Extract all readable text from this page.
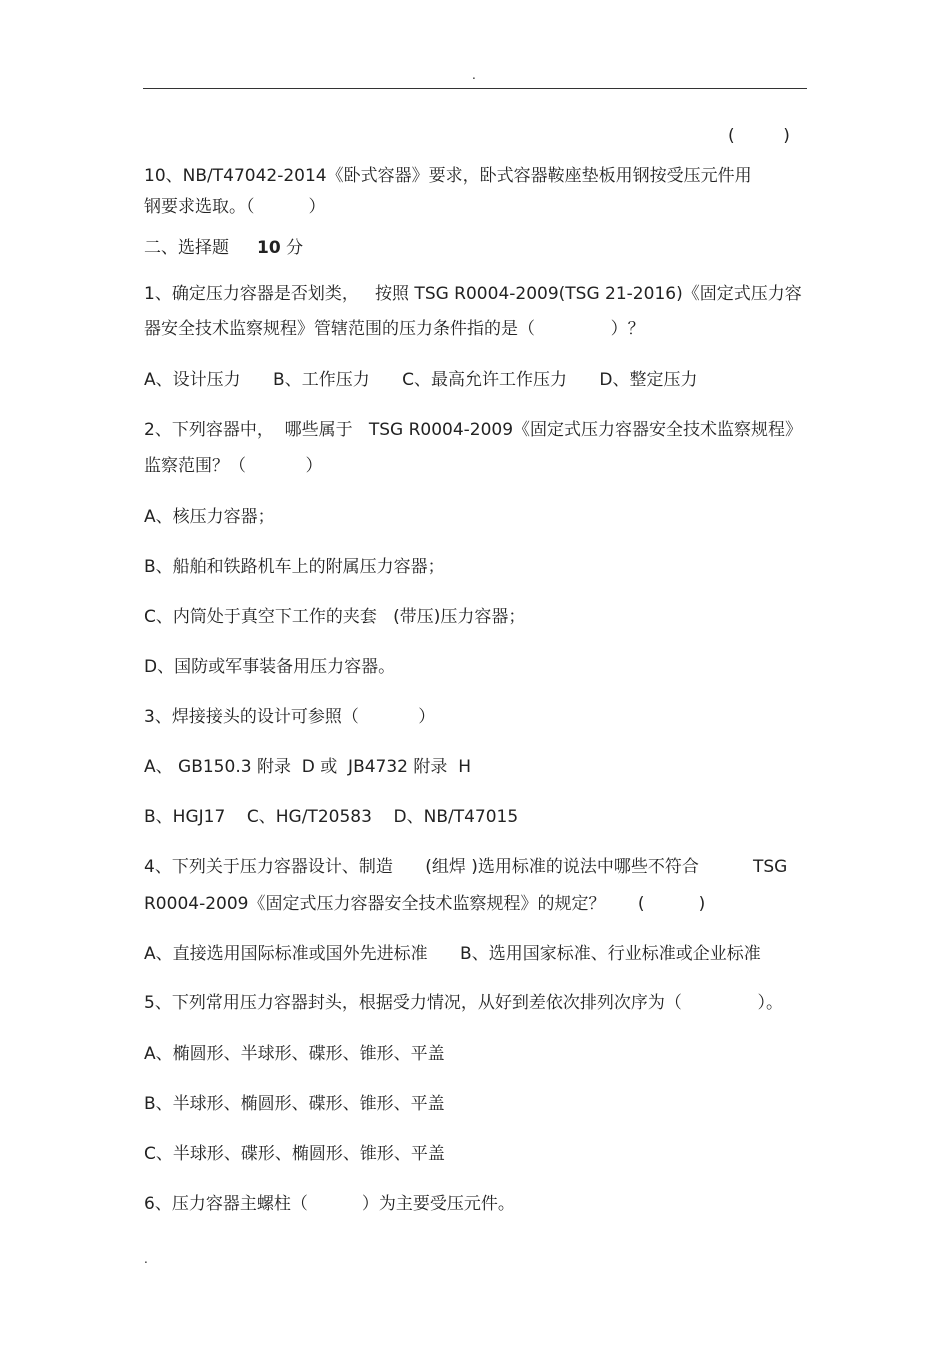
.
(         )
10、NB/T47042-2014《卧式容器》要求，卧式容器鞍座垫板用钢按受压元件用
钢要求选取。（          ）
二、选择题 10 分
1、确定压力容器是否划类，   按照 TSG R0004-2009(TSG 21-2016)《固定式压力容
器安全技术监察规程》管辖范围的压力条件指的是（              ）？
A、设计压力      B、工作压力      C、最高允许工作压力      D、整定压力
2、下列容器中，  哪些属于   TSG R0004-2009《固定式压力容器安全技术监察规程》
监察范围？（           ）
A、核压力容器；
B、船舶和铁路机车上的附属压力容器；
C、内筒处于真空下工作的夹套   (带压)压力容器；
D、国防或军事装备用压力容器。
3、焊接接头的设计可参照（           ）
A、 GB150.3 附录  D 或  JB4732 附录  H
B、HGJ17    C、HG/T20583    D、NB/T47015
4、下列关于压力容器设计、制造      (组焊 )选用标准的说法中哪些不符合          TSG
R0004-2009《固定式压力容器安全技术监察规程》的规定？      (          )
A、直接选用国际标准或国外先进标准      B、选用国家标准、行业标准或企业标准
5、下列常用压力容器封头，根据受力情况，从好到差依次排列次序为（              ）。
A、椭圆形、半球形、碟形、锥形、平盖
B、半球形、椭圆形、碟形、锥形、平盖
C、半球形、碟形、椭圆形、锥形、平盖
6、压力容器主螺柱（          ）为主要受压元件。
.
